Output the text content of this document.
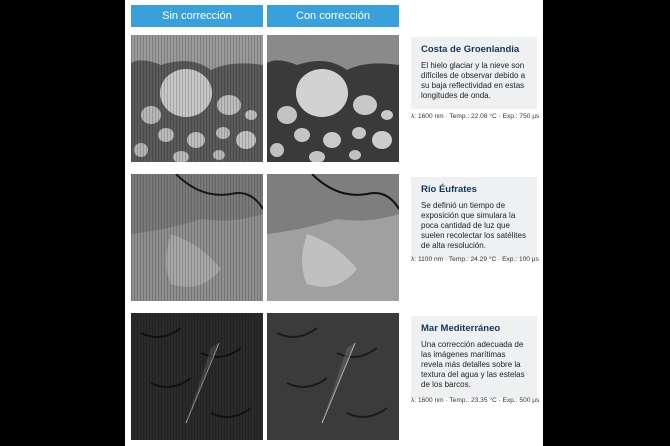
Sin corrección	Con corrección
Costa de Groenlandia
El hielo glaciar y la nieve son difíciles de observar debido a su baja reflectividad en estas longitudes de onda.
λ: 1600 nm · Temp.: 22.08 °C · Exp.: 750 µs
Río Éufrates
Se definió un tiempo de exposición que simulara la poca cantidad de luz que suelen recolectar los satélites de alta resolución.
λ: 1100 nm · Temp.: 24.29 °C · Exp.: 100 µs
Mar Mediterráneo
Una corrección adecuada de las imágenes marítimas revela más detalles sobre la textura del agua y las estelas de los barcos.
λ: 1600 nm · Temp.: 23.35 °C · Exp.: 500 µs
